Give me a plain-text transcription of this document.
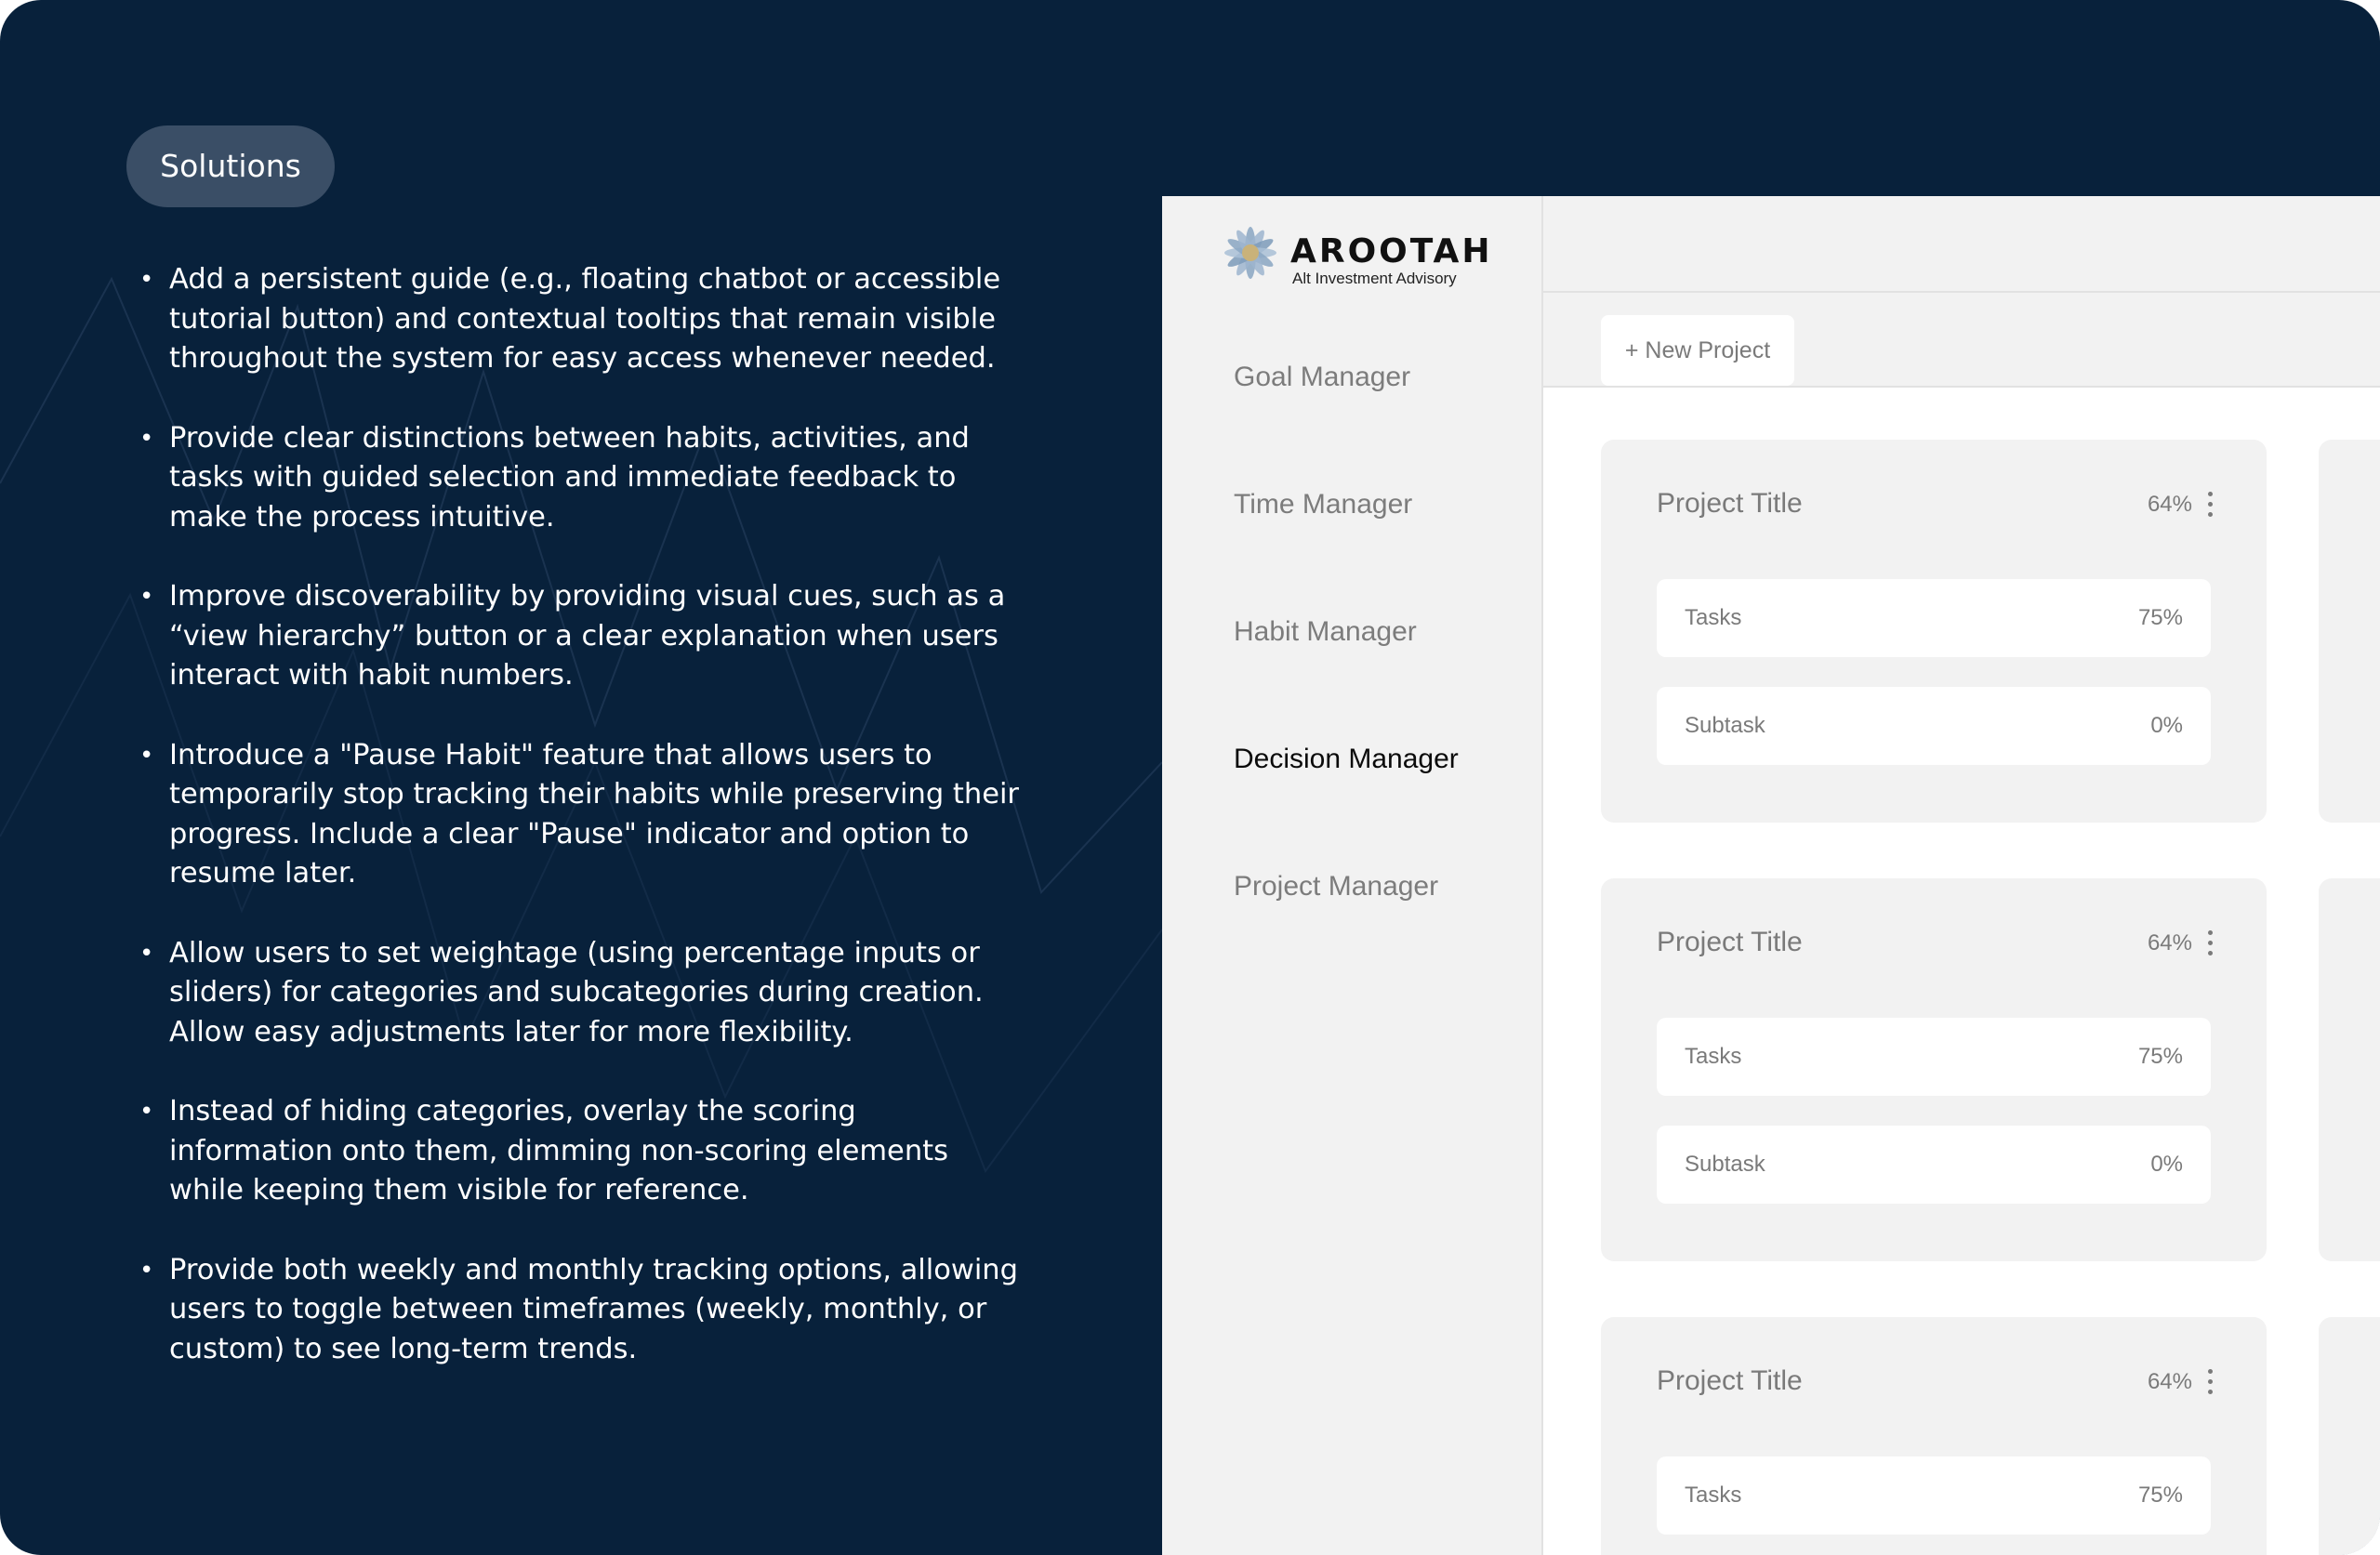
Solutions
• Add a persistent guide (e.g., floating chatbot or accessible tutorial button) and contextual tooltips that remain visible throughout the system for easy access whenever needed.
• Provide clear distinctions between habits, activities, and tasks with guided selection and immediate feedback to make the process intuitive.
• Improve discoverability by providing visual cues, such as a “view hierarchy” button or a clear explanation when users interact with habit numbers.
• Introduce a "Pause Habit" feature that allows users to temporarily stop tracking their habits while preserving their progress. Include a clear "Pause" indicator and option to resume later.
• Allow users to set weightage (using percentage inputs or sliders) for categories and subcategories during creation. Allow easy adjustments later for more flexibility.
• Instead of hiding categories, overlay the scoring information onto them, dimming non-scoring elements while keeping them visible for reference.
• Provide both weekly and monthly tracking options, allowing users to toggle between timeframes (weekly, monthly, or custom) to see long-term trends.
AROOTAH
Alt Investment Advisory
Goal Manager
Time Manager
Habit Manager
Decision Manager
Project Manager
+ New Project
Project Title	64%
Tasks	75%
Subtask	0%
Project Title	64%
Tasks	75%
Subtask	0%
Project Title	64%
Tasks	75%
